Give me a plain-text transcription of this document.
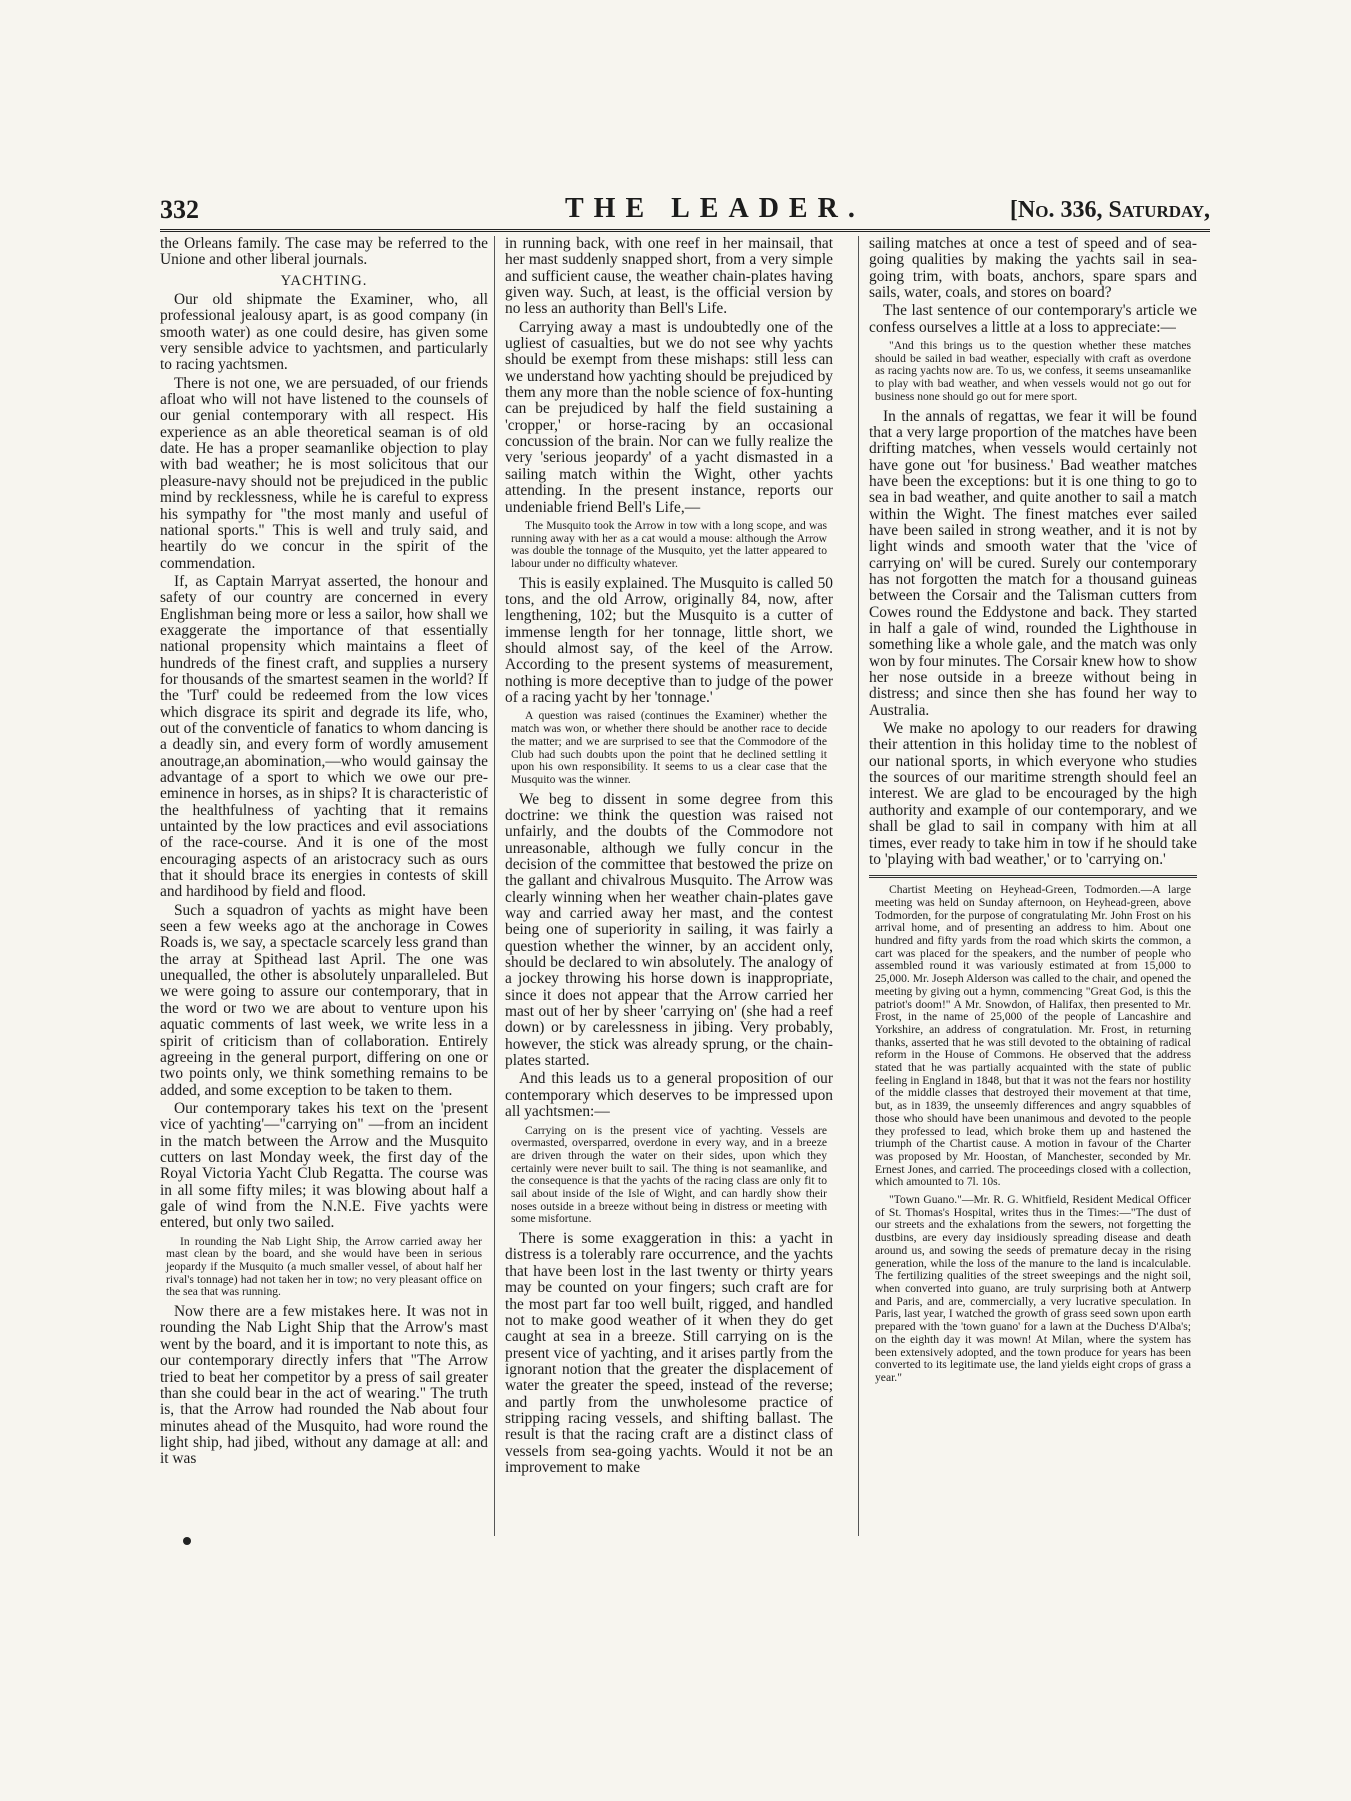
332	THE LEADER.	[No. 336, Saturday,

the Orleans family. The case may be referred to the Unione and other liberal journals.

YACHTING.

Our old shipmate the Examiner, who, all professional jealousy apart, is as good company (in smooth water) as one could desire, has given some very sensible advice to yachtsmen, and particularly to racing yachtsmen.

There is not one, we are persuaded, of our friends afloat who will not have listened to the counsels of our genial contemporary with all respect. His experience as an able theoretical seaman is of old date. He has a proper seamanlike objection to play with bad weather; he is most solicitous that our pleasure-navy should not be prejudiced in the public mind by recklessness, while he is careful to express his sympathy for "the most manly and useful of national sports." This is well and truly said, and heartily do we concur in the spirit of the commendation.

If, as Captain Marryat asserted, the honour and safety of our country are concerned in every Englishman being more or less a sailor, how shall we exaggerate the importance of that essentially national propensity which maintains a fleet of hundreds of the finest craft, and supplies a nursery for thousands of the smartest seamen in the world? If the 'Turf' could be redeemed from the low vices which disgrace its spirit and degrade its life, who, out of the conventicle of fanatics to whom dancing is a deadly sin, and every form of wordly amusement anoutrage,an abomination,—who would gainsay the advantage of a sport to which we owe our pre-eminence in horses, as in ships? It is characteristic of the healthfulness of yachting that it remains untainted by the low practices and evil associations of the race-course. And it is one of the most encouraging aspects of an aristocracy such as ours that it should brace its energies in contests of skill and hardihood by field and flood.

Such a squadron of yachts as might have been seen a few weeks ago at the anchorage in Cowes Roads is, we say, a spectacle scarcely less grand than the array at Spithead last April. The one was unequalled, the other is absolutely unparalleled. But we were going to assure our contemporary, that in the word or two we are about to venture upon his aquatic comments of last week, we write less in a spirit of criticism than of collaboration. Entirely agreeing in the general purport, differing on one or two points only, we think something remains to be added, and some exception to be taken to them.

Our contemporary takes his text on the 'present vice of yachting'—"carrying on" —from an incident in the match between the Arrow and the Musquito cutters on last Monday week, the first day of the Royal Victoria Yacht Club Regatta. The course was in all some fifty miles; it was blowing about half a gale of wind from the N.N.E. Five yachts were entered, but only two sailed.

In rounding the Nab Light Ship, the Arrow carried away her mast clean by the board, and she would have been in serious jeopardy if the Musquito (a much smaller vessel, of about half her rival's tonnage) had not taken her in tow; no very pleasant office on the sea that was running.

Now there are a few mistakes here. It was not in rounding the Nab Light Ship that the Arrow's mast went by the board, and it is important to note this, as our contemporary directly infers that "The Arrow tried to beat her competitor by a press of sail greater than she could bear in the act of wearing." The truth is, that the Arrow had rounded the Nab about four minutes ahead of the Musquito, had wore round the light ship, had jibed, without any damage at all: and it was

in running back, with one reef in her mainsail, that her mast suddenly snapped short, from a very simple and sufficient cause, the weather chain-plates having given way. Such, at least, is the official version by no less an authority than Bell's Life.

Carrying away a mast is undoubtedly one of the ugliest of casualties, but we do not see why yachts should be exempt from these mishaps: still less can we understand how yachting should be prejudiced by them any more than the noble science of fox-hunting can be prejudiced by half the field sustaining a 'cropper,' or horse-racing by an occasional concussion of the brain. Nor can we fully realize the very 'serious jeopardy' of a yacht dismasted in a sailing match within the Wight, other yachts attending. In the present instance, reports our undeniable friend Bell's Life,—

The Musquito took the Arrow in tow with a long scope, and was running away with her as a cat would a mouse: although the Arrow was double the tonnage of the Musquito, yet the latter appeared to labour under no difficulty whatever.

This is easily explained. The Musquito is called 50 tons, and the old Arrow, originally 84, now, after lengthening, 102; but the Musquito is a cutter of immense length for her tonnage, little short, we should almost say, of the keel of the Arrow. According to the present systems of measurement, nothing is more deceptive than to judge of the power of a racing yacht by her 'tonnage.'

A question was raised (continues the Examiner) whether the match was won, or whether there should be another race to decide the matter; and we are surprised to see that the Commodore of the Club had such doubts upon the point that he declined settling it upon his own responsibility. It seems to us a clear case that the Musquito was the winner.

We beg to dissent in some degree from this doctrine: we think the question was raised not unfairly, and the doubts of the Commodore not unreasonable, although we fully concur in the decision of the committee that bestowed the prize on the gallant and chivalrous Musquito. The Arrow was clearly winning when her weather chain-plates gave way and carried away her mast, and the contest being one of superiority in sailing, it was fairly a question whether the winner, by an accident only, should be declared to win absolutely. The analogy of a jockey throwing his horse down is inappropriate, since it does not appear that the Arrow carried her mast out of her by sheer 'carrying on' (she had a reef down) or by carelessness in jibing. Very probably, however, the stick was already sprung, or the chain-plates started.

And this leads us to a general proposition of our contemporary which deserves to be impressed upon all yachtsmen:—

Carrying on is the present vice of yachting. Vessels are overmasted, oversparred, overdone in every way, and in a breeze are driven through the water on their sides, upon which they certainly were never built to sail. The thing is not seamanlike, and the consequence is that the yachts of the racing class are only fit to sail about inside of the Isle of Wight, and can hardly show their noses outside in a breeze without being in distress or meeting with some misfortune.

There is some exaggeration in this: a yacht in distress is a tolerably rare occurrence, and the yachts that have been lost in the last twenty or thirty years may be counted on your fingers; such craft are for the most part far too well built, rigged, and handled not to make good weather of it when they do get caught at sea in a breeze. Still carrying on is the present vice of yachting, and it arises partly from the ignorant notion that the greater the displacement of water the greater the speed, instead of the reverse; and partly from the unwholesome practice of stripping racing vessels, and shifting ballast. The result is that the racing craft are a distinct class of vessels from sea-going yachts. Would it not be an improvement to make

sailing matches at once a test of speed and of sea-going qualities by making the yachts sail in sea-going trim, with boats, anchors, spare spars and sails, water, coals, and stores on board?

The last sentence of our contemporary's article we confess ourselves a little at a loss to appreciate:—

"And this brings us to the question whether these matches should be sailed in bad weather, especially with craft as overdone as racing yachts now are. To us, we confess, it seems unseamanlike to play with bad weather, and when vessels would not go out for business none should go out for mere sport.

In the annals of regattas, we fear it will be found that a very large proportion of the matches have been drifting matches, when vessels would certainly not have gone out 'for business.' Bad weather matches have been the exceptions: but it is one thing to go to sea in bad weather, and quite another to sail a match within the Wight. The finest matches ever sailed have been sailed in strong weather, and it is not by light winds and smooth water that the 'vice of carrying on' will be cured. Surely our contemporary has not forgotten the match for a thousand guineas between the Corsair and the Talisman cutters from Cowes round the Eddystone and back. They started in half a gale of wind, rounded the Lighthouse in something like a whole gale, and the match was only won by four minutes. The Corsair knew how to show her nose outside in a breeze without being in distress; and since then she has found her way to Australia.

We make no apology to our readers for drawing their attention in this holiday time to the noblest of our national sports, in which everyone who studies the sources of our maritime strength should feel an interest. We are glad to be encouraged by the high authority and example of our contemporary, and we shall be glad to sail in company with him at all times, ever ready to take him in tow if he should take to 'playing with bad weather,' or to 'carrying on.'

Chartist Meeting on Heyhead-Green, Todmorden.—A large meeting was held on Sunday afternoon, on Heyhead-green, above Todmorden, for the purpose of congratulating Mr. John Frost on his arrival home, and of presenting an address to him. About one hundred and fifty yards from the road which skirts the common, a cart was placed for the speakers, and the number of people who assembled round it was variously estimated at from 15,000 to 25,000. Mr. Joseph Alderson was called to the chair, and opened the meeting by giving out a hymn, commencing "Great God, is this the patriot's doom!" A Mr. Snowdon, of Halifax, then presented to Mr. Frost, in the name of 25,000 of the people of Lancashire and Yorkshire, an address of congratulation. Mr. Frost, in returning thanks, asserted that he was still devoted to the obtaining of radical reform in the House of Commons. He observed that the address stated that he was partially acquainted with the state of public feeling in England in 1848, but that it was not the fears nor hostility of the middle classes that destroyed their movement at that time, but, as in 1839, the unseemly differences and angry squabbles of those who should have been unanimous and devoted to the people they professed to lead, which broke them up and hastened the triumph of the Chartist cause. A motion in favour of the Charter was proposed by Mr. Hoostan, of Manchester, seconded by Mr. Ernest Jones, and carried. The proceedings closed with a collection, which amounted to 7l. 10s.

"Town Guano."—Mr. R. G. Whitfield, Resident Medical Officer of St. Thomas's Hospital, writes thus in the Times:—"The dust of our streets and the exhalations from the sewers, not forgetting the dustbins, are every day insidiously spreading disease and death around us, and sowing the seeds of premature decay in the rising generation, while the loss of the manure to the land is incalculable. The fertilizing qualities of the street sweepings and the night soil, when converted into guano, are truly surprising both at Antwerp and Paris, and are, commercially, a very lucrative speculation. In Paris, last year, I watched the growth of grass seed sown upon earth prepared with the 'town guano' for a lawn at the Duchess D'Alba's; on the eighth day it was mown! At Milan, where the system has been extensively adopted, and the town produce for years has been converted to its legitimate use, the land yields eight crops of grass a year."
